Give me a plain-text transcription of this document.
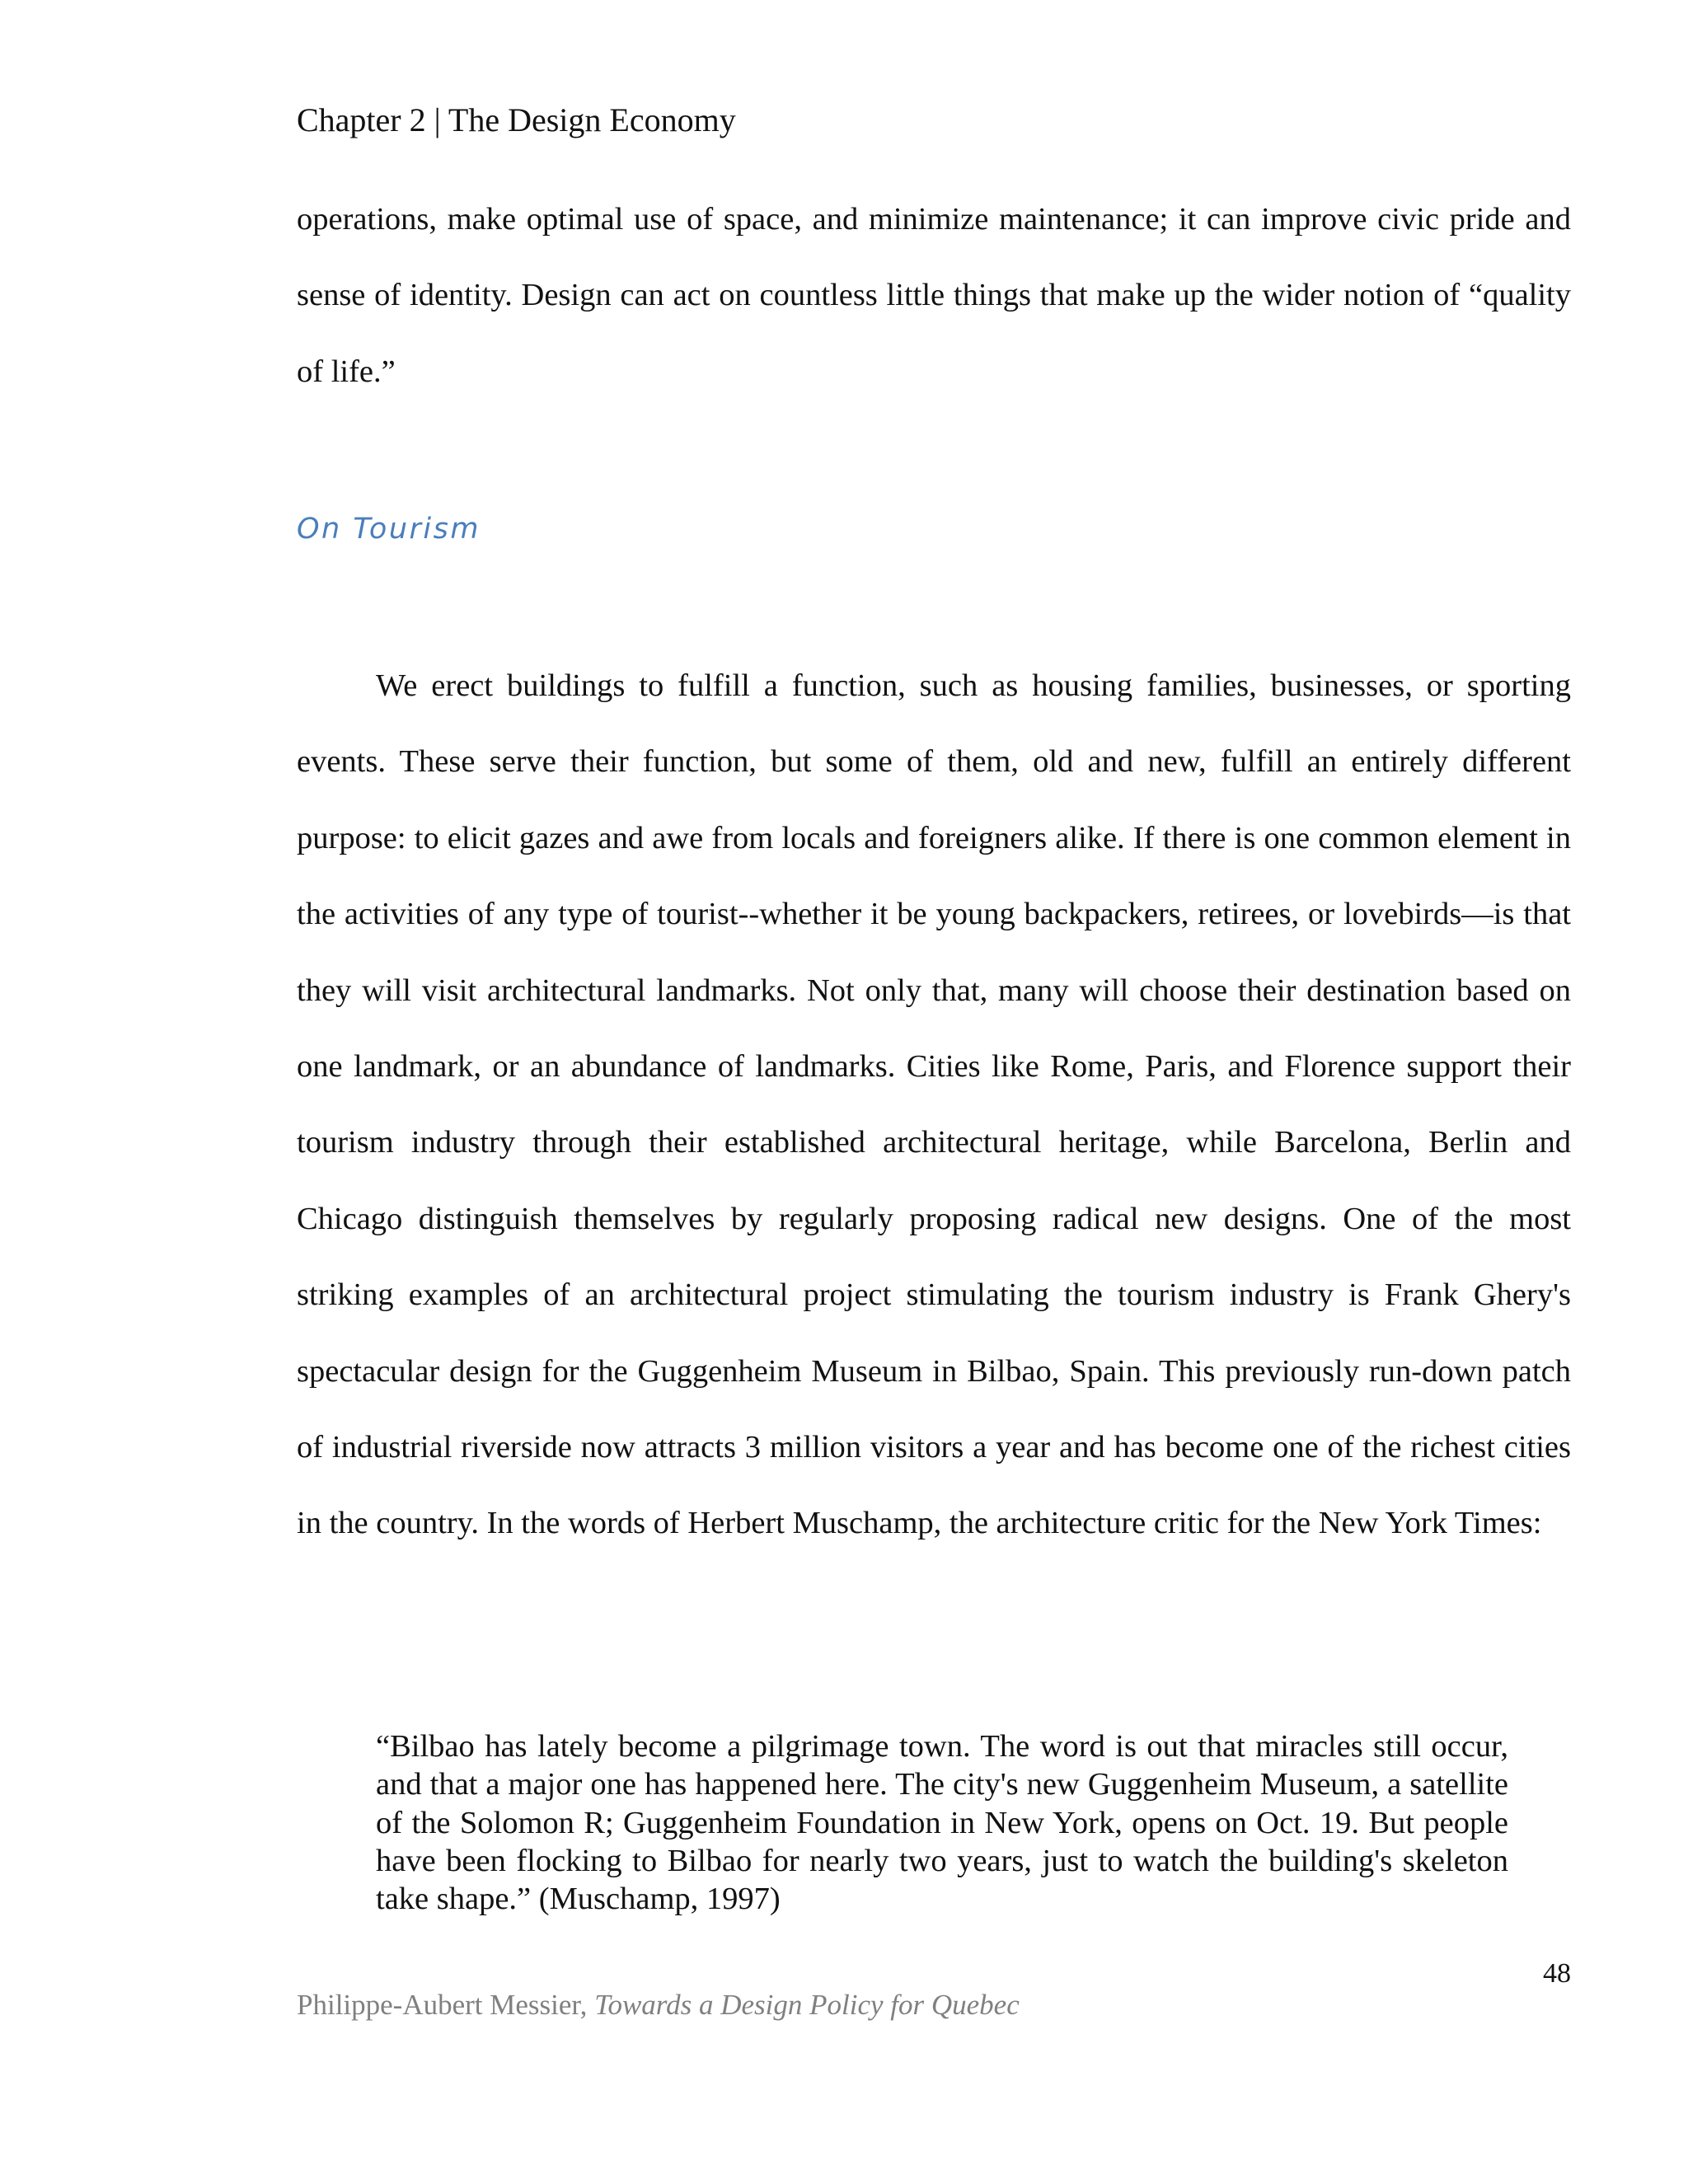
Chapter 2 | The Design Economy

operations, make optimal use of space, and minimize maintenance; it can improve civic pride and sense of identity. Design can act on countless little things that make up the wider notion of “quality of life.”

On Tourism

We erect buildings to fulfill a function, such as housing families, businesses, or sporting events. These serve their function, but some of them, old and new, fulfill an entirely different purpose: to elicit gazes and awe from locals and foreigners alike. If there is one common element in the activities of any type of tourist--whether it be young backpackers, retirees, or lovebirds—is that they will visit architectural landmarks. Not only that, many will choose their destination based on one landmark, or an abundance of landmarks. Cities like Rome, Paris, and Florence support their tourism industry through their established architectural heritage, while Barcelona, Berlin and Chicago distinguish themselves by regularly proposing radical new designs. One of the most striking examples of an architectural project stimulating the tourism industry is Frank Ghery's spectacular design for the Guggenheim Museum in Bilbao, Spain. This previously run-down patch of industrial riverside now attracts 3 million visitors a year and has become one of the richest cities in the country. In the words of Herbert Muschamp, the architecture critic for the New York Times:

“Bilbao has lately become a pilgrimage town. The word is out that miracles still occur, and that a major one has happened here. The city's new Guggenheim Museum, a satellite of the Solomon R; Guggenheim Foundation in New York, opens on Oct. 19. But people have been flocking to Bilbao for nearly two years, just to watch the building's skeleton take shape.” (Muschamp, 1997)

48
Philippe-Aubert Messier, Towards a Design Policy for Quebec
